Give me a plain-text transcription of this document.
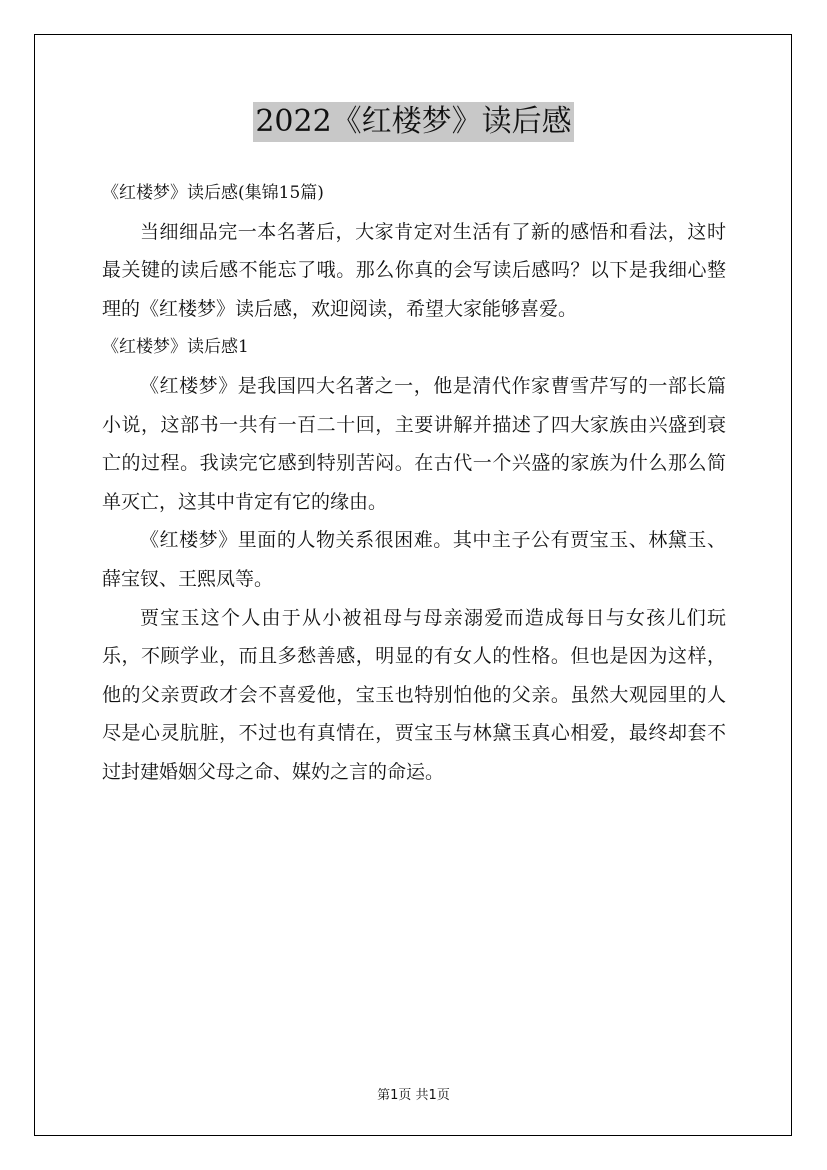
2022《红楼梦》读后感

《红楼梦》读后感(集锦15篇)

当细细品完一本名著后，大家肯定对生活有了新的感悟和看法，这时最关键的读后感不能忘了哦。那么你真的会写读后感吗？以下是我细心整理的《红楼梦》读后感，欢迎阅读，希望大家能够喜爱。

《红楼梦》读后感1

《红楼梦》是我国四大名著之一，他是清代作家曹雪芹写的一部长篇小说，这部书一共有一百二十回，主要讲解并描述了四大家族由兴盛到衰亡的过程。我读完它感到特别苦闷。在古代一个兴盛的家族为什么那么简单灭亡，这其中肯定有它的缘由。

《红楼梦》里面的人物关系很困难。其中主子公有贾宝玉、林黛玉、薛宝钗、王熙凤等。

贾宝玉这个人由于从小被祖母与母亲溺爱而造成每日与女孩儿们玩乐，不顾学业，而且多愁善感，明显的有女人的性格。但也是因为这样，他的父亲贾政才会不喜爱他，宝玉也特别怕他的父亲。虽然大观园里的人尽是心灵肮脏，不过也有真情在，贾宝玉与林黛玉真心相爱，最终却套不过封建婚姻父母之命、媒妁之言的命运。

第1页 共1页
